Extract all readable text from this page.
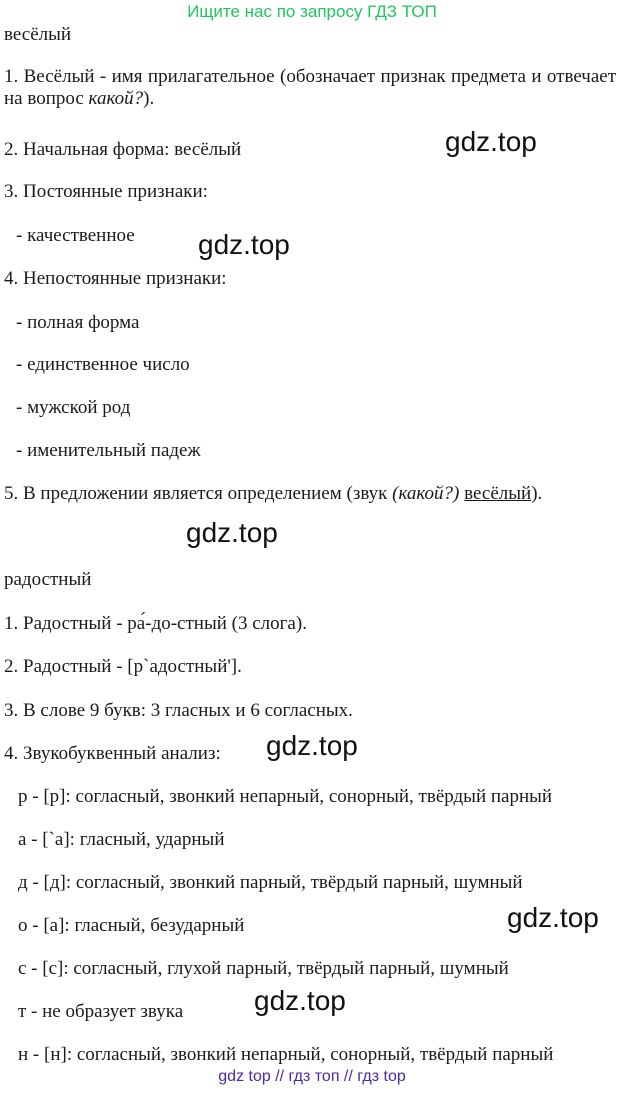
Ищите нас по запросу ГДЗ ТОП
весёлый
1. Весёлый - имя прилагательное (обозначает признак предмета и отвечает на вопрос какой?).
2. Начальная форма: весёлый
3. Постоянные признаки:
- качественное
4. Непостоянные признаки:
- полная форма
- единственное число
- мужской род
- именительный падеж
5. В предложении является определением (звук (какой?) весёлый).
радостный
1. Радостный - ра́-до-стный (3 слога).
2. Радостный - [р`адостный'].
3. В слове 9 букв: 3 гласных и 6 согласных.
4. Звукобуквенный анализ:
р - [р]: согласный, звонкий непарный, сонорный, твёрдый парный
а - [`а]: гласный, ударный
д - [д]: согласный, звонкий парный, твёрдый парный, шумный
о - [а]: гласный, безударный
с - [с]: согласный, глухой парный, твёрдый парный, шумный
т - не образует звука
н - [н]: согласный, звонкий непарный, сонорный, твёрдый парный
gdz.top
gdz.top
gdz.top
gdz.top
gdz.top
gdz.top
gdz top // гдз топ // гдз top
